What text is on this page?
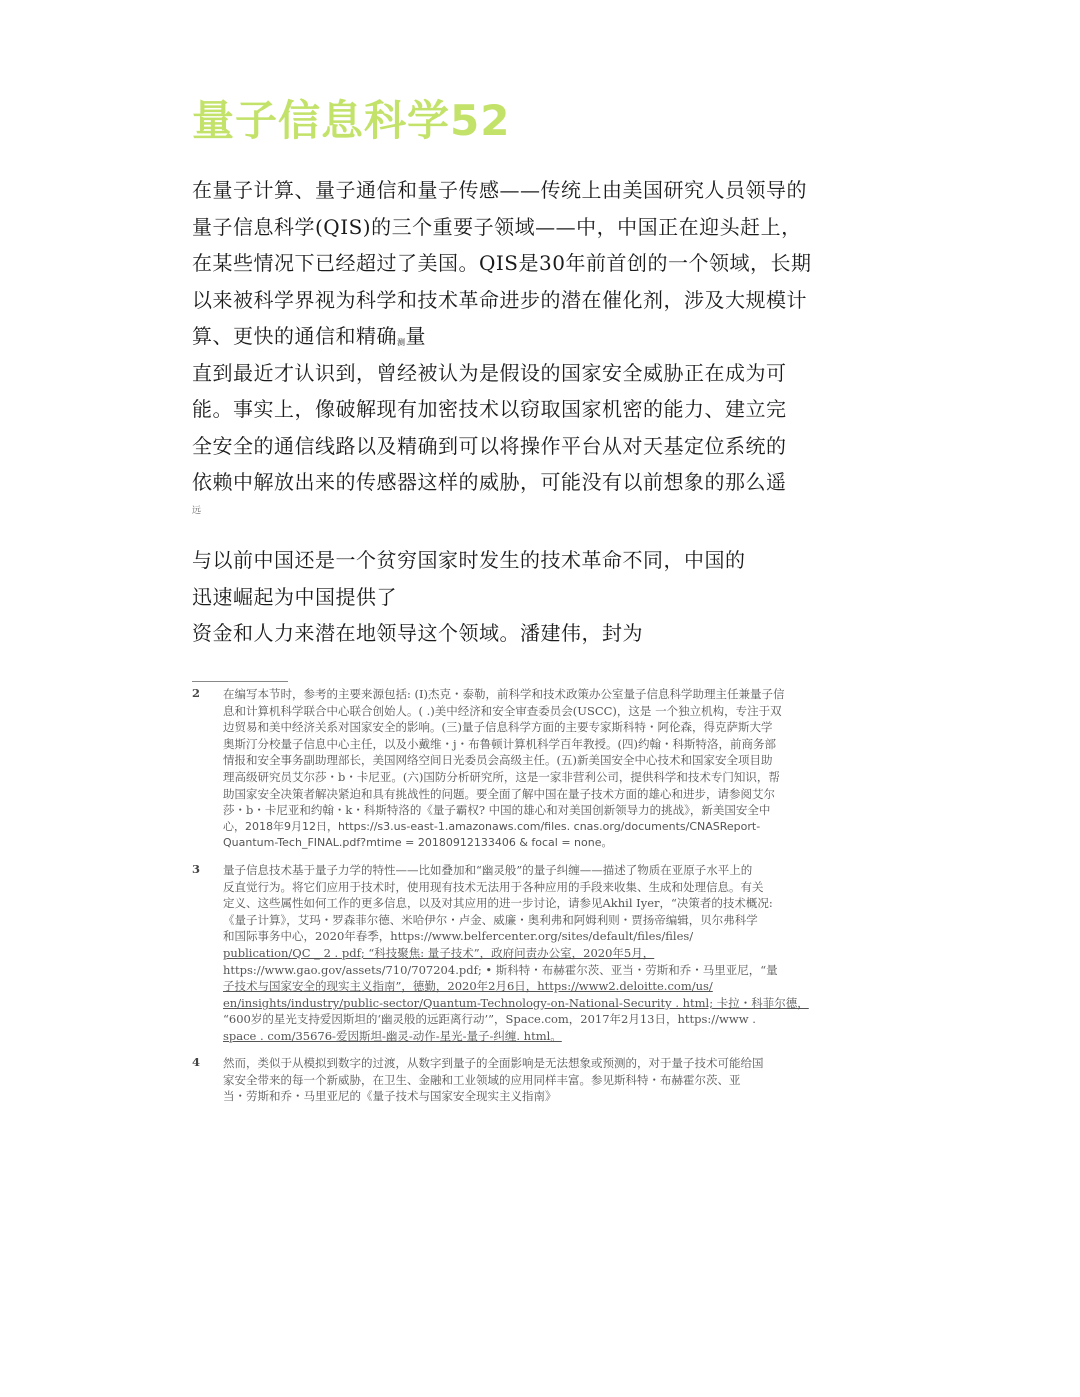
量子信息科学52
在量子计算、量子通信和量子传感——传统上由美国研究人员领导的
量子信息科学(QIS)的三个重要子领域——中，中国正在迎头赶上，
在某些情况下已经超过了美国。QIS是30年前首创的一个领域，长期
以来被科学界视为科学和技术革命进步的潜在催化剂，涉及大规模计
算、更快的通信和精确测量
直到最近才认识到，曾经被认为是假设的国家安全威胁正在成为可
能。事实上，像破解现有加密技术以窃取国家机密的能力、建立完
全安全的通信线路以及精确到可以将操作平台从对天基定位系统的
依赖中解放出来的传感器这样的威胁，可能没有以前想象的那么遥
远
与以前中国还是一个贫穷国家时发生的技术革命不同，中国的
迅速崛起为中国提供了
资金和人力来潜在地领导这个领域。潘建伟，封为
2	在编写本节时，参考的主要来源包括: (I)杰克・泰勒，前科学和技术政策办公室量子信息科学助理主任兼量子信
息和计算机科学联合中心联合创始人。( .)美中经济和安全审查委员会(USCC)，这是 一个独立机构，专注于双
边贸易和美中经济关系对国家安全的影响。(三)量子信息科学方面的主要专家斯科特・阿伦森，得克萨斯大学
奥斯汀分校量子信息中心主任，以及小戴维・j・布鲁顿计算机科学百年教授。(四)约翰・科斯特洛，前商务部
情报和安全事务副助理部长，美国网络空间日光委员会高级主任。(五)新美国安全中心技术和国家安全项目助
理高级研究员艾尔莎・b・卡尼亚。(六)国防分析研究所，这是一家非营利公司，提供科学和技术专门知识，帮
助国家安全决策者解决紧迫和具有挑战性的问题。要全面了解中国在量子技术方面的雄心和进步，请参阅艾尔
莎・b・卡尼亚和约翰・k・科斯特洛的《量子霸权? 中国的雄心和对美国创新领导力的挑战》，新美国安全中
心，2018年9月12日，https://s3.us-east-1.amazonaws.com/files. cnas.org/documents/CNASReport-
Quantum-Tech_FINAL.pdf?mtime = 20180912133406 & focal = none。
3	量子信息技术基于量子力学的特性——比如叠加和“幽灵般”的量子纠缠——描述了物质在亚原子水平上的
反直觉行为。将它们应用于技术时，使用现有技术无法用于各种应用的手段来收集、生成和处理信息。有关
定义、这些属性如何工作的更多信息，以及对其应用的进一步讨论，请参见Akhil Iyer，“决策者的技术概况:
《量子计算》，艾玛・罗森菲尔德、米哈伊尔・卢金、威廉・奥利弗和阿姆利则・贾扬帝编辑，贝尔弗科学
和国际事务中心，2020年春季，https://www.belfercenter.org/sites/default/files/files/
publication/QC _ 2 . pdf; “科技聚焦: 量子技术”，政府问责办公室，2020年5月，
https://www.gao.gov/assets/710/707204.pdf; • 斯科特・布赫霍尔茨、亚当・劳斯和乔・马里亚尼，“量
子技术与国家安全的现实主义指南”，德勤，2020年2月6日，https://www2.deloitte.com/us/
en/insights/industry/public-sector/Quantum-Technology-on-National-Security . html; 卡拉・科菲尔德，
“600岁的星光支持爱因斯坦的‘幽灵般的远距离行动’”，Space.com，2017年2月13日，https://www .
space . com/35676-爱因斯坦-幽灵-动作-星光-量子-纠缠. html。
4	然而，类似于从模拟到数字的过渡，从数字到量子的全面影响是无法想象或预测的，对于量子技术可能给国
家安全带来的每一个新威胁，在卫生、金融和工业领域的应用同样丰富。参见斯科特・布赫霍尔茨、亚
当・劳斯和乔・马里亚尼的《量子技术与国家安全现实主义指南》
